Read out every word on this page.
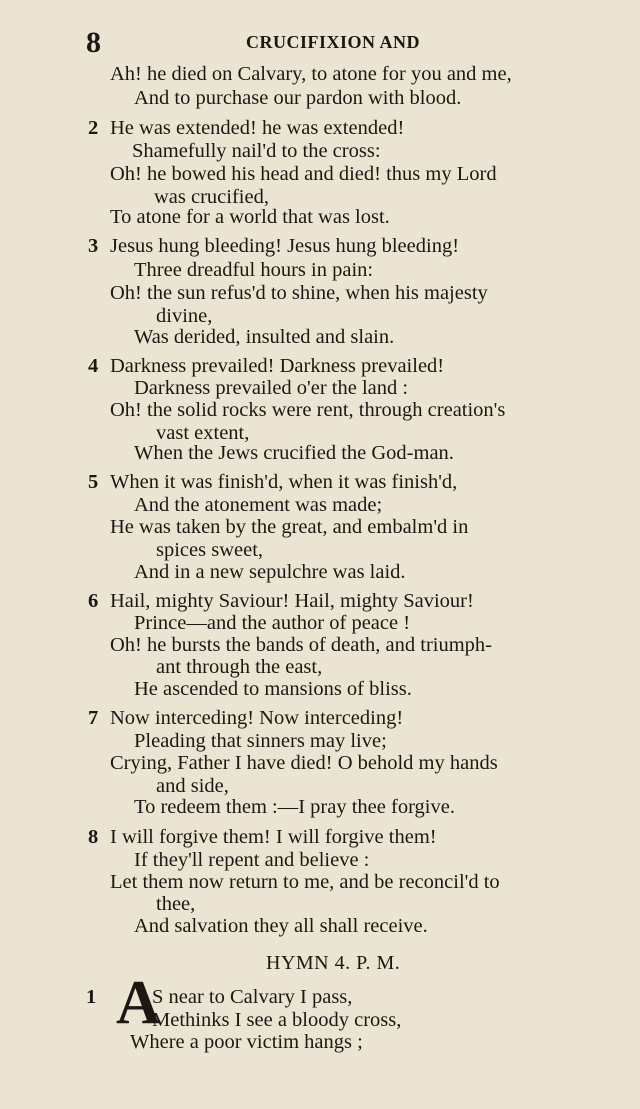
8	CRUCIFIXION AND
Ah! he died on Calvary, to atone for you and me,
And to purchase our pardon with blood.
2 He was extended! he was extended!
Shamefully nail'd to the cross:
Oh! he bowed his head and died! thus my Lord
was crucified,
To atone for a world that was lost.
3 Jesus hung bleeding! Jesus hung bleeding!
Three dreadful hours in pain:
Oh! the sun refus'd to shine, when his majesty
divine,
Was derided, insulted and slain.
4 Darkness prevailed! Darkness prevailed!
Darkness prevailed o'er the land :
Oh! the solid rocks were rent, through creation's
vast extent,
When the Jews crucified the God-man.
5 When it was finish'd, when it was finish'd,
And the atonement was made;
He was taken by the great, and embalm'd in
spices sweet,
And in a new sepulchre was laid.
6 Hail, mighty Saviour! Hail, mighty Saviour!
Prince—and the author of peace !
Oh! he bursts the bands of death, and triumph-
ant through the east,
He ascended to mansions of bliss.
7 Now interceding! Now interceding!
Pleading that sinners may live;
Crying, Father I have died! O behold my hands
and side,
To redeem them :—I pray thee forgive.
8 I will forgive them! I will forgive them!
If they'll repent and believe :
Let them now return to me, and be reconcil'd to
thee,
And salvation they all shall receive.
HYMN 4. P. M.
1 A
S near to Calvary I pass,
Methinks I see a bloody cross,
Where a poor victim hangs ;
